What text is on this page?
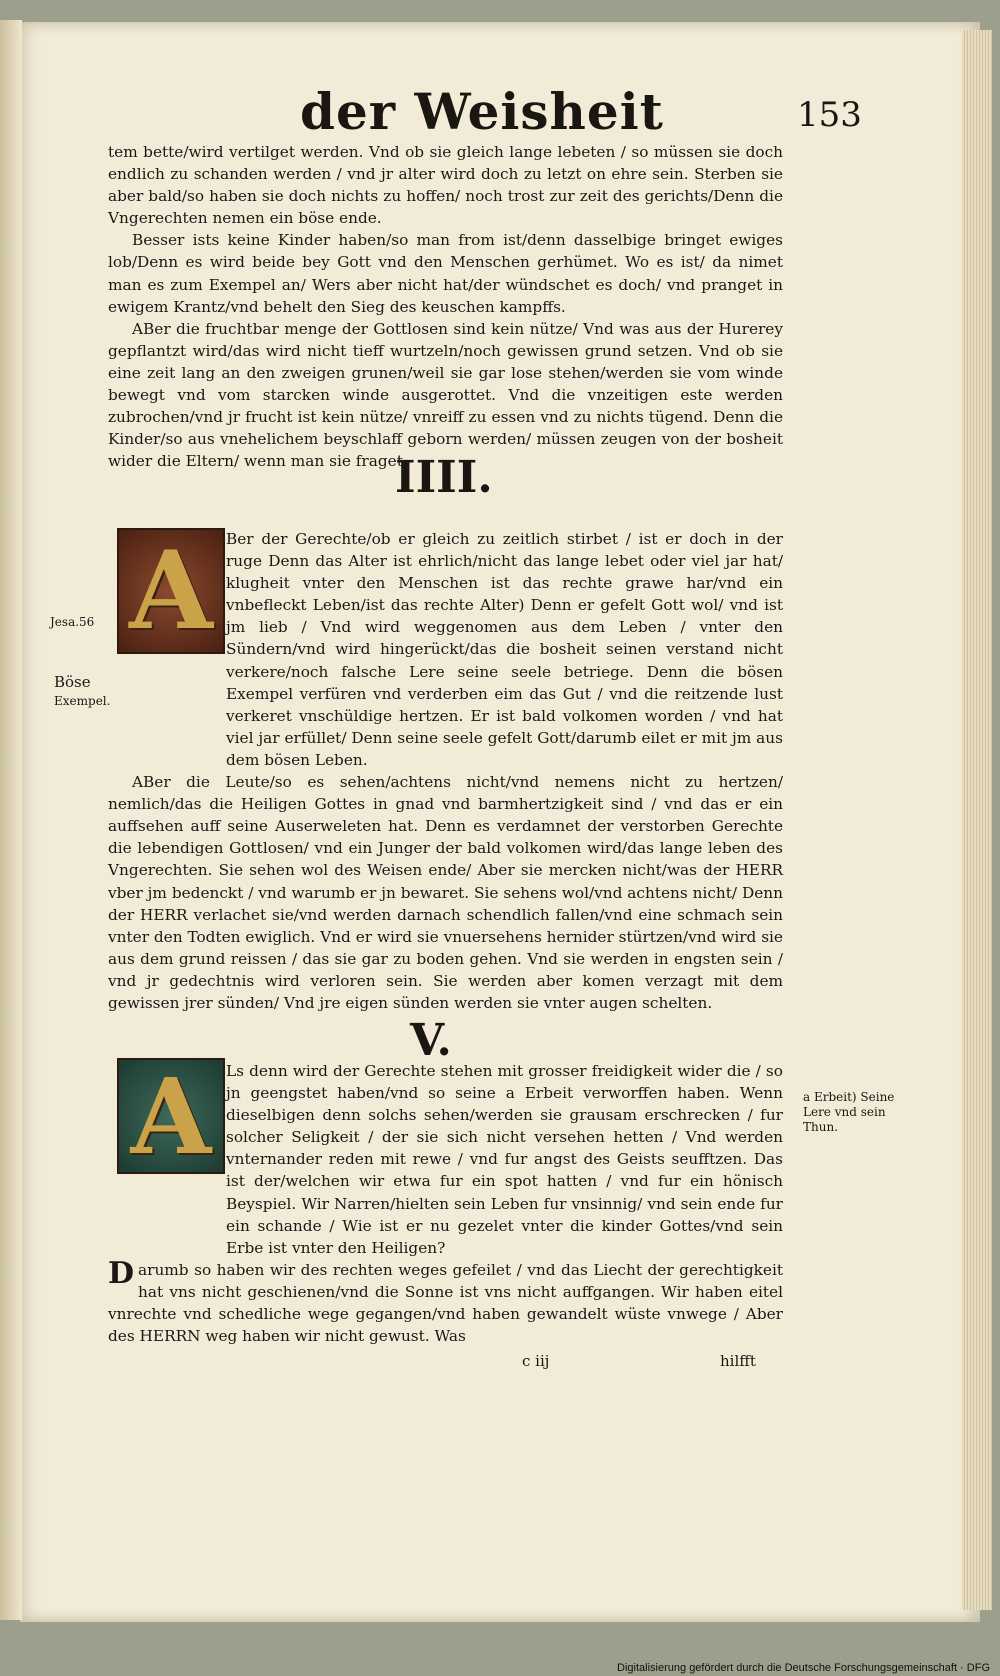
der Weisheit	153

tem bette/wird vertilget werden. Vnd ob sie gleich lange lebeten / so müssen sie doch endlich zu schanden werden / vnd jr alter wird doch zu letzt on ehre sein. Sterben sie aber bald/so haben sie doch nichts zu hoffen/ noch trost zur zeit des gerichts/Denn die Vngerechten nemen ein böse ende.

Besser ists keine Kinder haben/so man from ist/denn dasselbige bringet ewiges lob/Denn es wird beide bey Gott vnd den Menschen gerhümet. Wo es ist/ da nimet man es zum Exempel an/ Wers aber nicht hat/der wündschet es doch/ vnd pranget in ewigem Krantz/vnd behelt den Sieg des keuschen kampffs.

ABer die fruchtbar menge der Gottlosen sind kein nütze/ Vnd was aus der Hurerey gepflantzt wird/das wird nicht tieff wurtzeln/noch gewissen grund setzen. Vnd ob sie eine zeit lang an den zweigen grunen/weil sie gar lose stehen/werden sie vom winde bewegt vnd vom starcken winde ausgerottet. Vnd die vnzeitigen este werden zubrochen/vnd jr frucht ist kein nütze/ vnreiff zu essen vnd zu nichts tügend. Denn die Kinder/so aus vnehelichem beyschlaff geborn werden/ müssen zeugen von der bosheit wider die Eltern/ wenn man sie fraget.

IIII.
A Ber der Gerechte/ob er gleich zu zeitlich stirbet / ist er doch in der ruge Denn das Alter ist ehrlich/nicht das lange lebet oder viel jar hat/ klugheit vnter den Menschen ist das rechte grawe har/vnd ein vnbefleckt Leben/ist das rechte Alter) Denn er gefelt Gott wol/ vnd ist jm lieb / Vnd wird weggenomen aus dem Leben / vnter den Sündern/vnd wird hingerückt/das die bosheit seinen verstand nicht verkere/noch falsche Lere seine seele betriege. Denn die bösen Exempel verfüren vnd verderben eim das Gut / vnd die reitzende lust verkeret vnschüldige hertzen. Er ist bald volkomen worden / vnd hat viel jar erfüllet/ Denn seine seele gefelt Gott/darumb eilet er mit jm aus dem bösen Leben.

ABer die Leute/so es sehen/achtens nicht/vnd nemens nicht zu hertzen/ nemlich/das die Heiligen Gottes in gnad vnd barmhertzigkeit sind / vnd das er ein auffsehen auff seine Auserweleten hat. Denn es verdamnet der verstorben Gerechte die lebendigen Gottlosen/ vnd ein Junger der bald volkomen wird/das lange leben des Vngerechten. Sie sehen wol des Weisen ende/ Aber sie mercken nicht/was der HERR vber jm bedenckt / vnd warumb er jn bewaret. Sie sehens wol/vnd achtens nicht/ Denn der HERR verlachet sie/vnd werden darnach schendlich fallen/vnd eine schmach sein vnter den Todten ewiglich. Vnd er wird sie vnuersehens hernider stürtzen/vnd wird sie aus dem grund reissen / das sie gar zu boden gehen. Vnd sie werden in engsten sein / vnd jr gedechtnis wird verloren sein. Sie werden aber komen verzagt mit dem gewissen jrer sünden/ Vnd jre eigen sünden werden sie vnter augen schelten.

V.
A Ls denn wird der Gerechte stehen mit grosser freidigkeit wider die / so jn geengstet haben/vnd so seine a Erbeit verworffen haben. Wenn dieselbigen denn solchs sehen/werden sie grausam erschrecken / fur solcher Seligkeit / der sie sich nicht versehen hetten / Vnd werden vnternander reden mit rewe / vnd fur angst des Geists seufftzen. Das ist der/welchen wir etwa fur ein spot hatten / vnd fur ein hönisch Beyspiel. Wir Narren/hielten sein Leben fur vnsinnig/ vnd sein ende fur ein schande / Wie ist er nu gezelet vnter die kinder Gottes/vnd sein Erbe ist vnter den Heiligen?

D arumb so haben wir des rechten weges gefeilet / vnd das Liecht der gerechtigkeit hat vns nicht geschienen/vnd die Sonne ist vns nicht auffgangen. Wir haben eitel vnrechte vnd schedliche wege gegangen/vnd haben gewandelt wüste vnwege / Aber des HERRN weg haben wir nicht gewust. Was

c iij	hilfft
Jesa.56
Böse
Exempel.
a Erbeit) Seine Lere vnd sein Thun.
Digitalisierung gefördert durch die Deutsche Forschungsgemeinschaft · DFG
